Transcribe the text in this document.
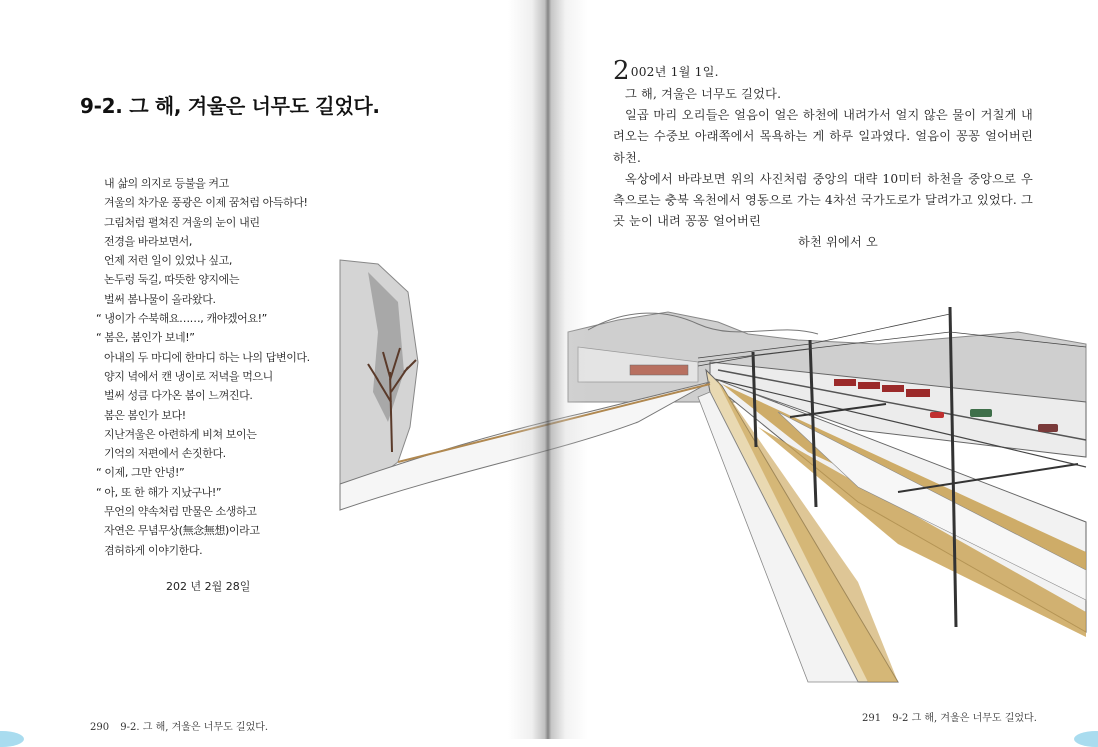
9-2. 그 해, 겨울은 너무도 길었다.
내 삶의 의지로 등불을 켜고
겨울의 차가운 풍광은 이제 꿈처럼 아득하다!
그림처럼 펼쳐진 겨울의 눈이 내린
전경을 바라보면서,
언제 저런 일이 있었나 싶고,
논두렁 둑길, 따뜻한 양지에는
벌써 봄나물이 올라왔다.
“ 냉이가 수북해요……, 캐야겠어요!”
“ 봄은, 봄인가 보네!”
아내의 두 마디에 한마디 하는 나의 답변이다.
양지 녘에서 캔 냉이로 저녁을 먹으니
벌써 성큼 다가온 봄이 느껴진다.
봄은 봄인가 보다!
지난겨울은 아련하게 비쳐 보이는
기억의 저편에서 손짓한다.
“ 이제, 그만 안녕!”
“ 아, 또 한 해가 지났구나!”
무언의 약속처럼 만물은 소생하고
자연은 무념무상(無念無想)이라고
겸허하게 이야기한다.
202 년 2월 28일
290 9-2. 그 해, 겨울은 너무도 길었다.
291 9-2 그 해, 겨울은 너무도 길었다.

2002년 1월 1일.

그 해, 겨울은 너무도 길었다.

일곱 마리 오리들은 얼음이 얼은 하천에 내려가서 얼지 않은 물이 거칠게 내려오는 수중보 아래쪽에서 목욕하는 게 하루 일과였다. 얼음이 꽁꽁 얼어버린 하천.

옥상에서 바라보면 위의 사진처럼 중앙의 대략 10미터 하천을 중앙으로 우측으로는 충북 옥천에서 영동으로 가는 4차선 국가도로가 달려가고 있었다. 그곳 눈이 내려 꽁꽁 얼어버린

하천 위에서 오
